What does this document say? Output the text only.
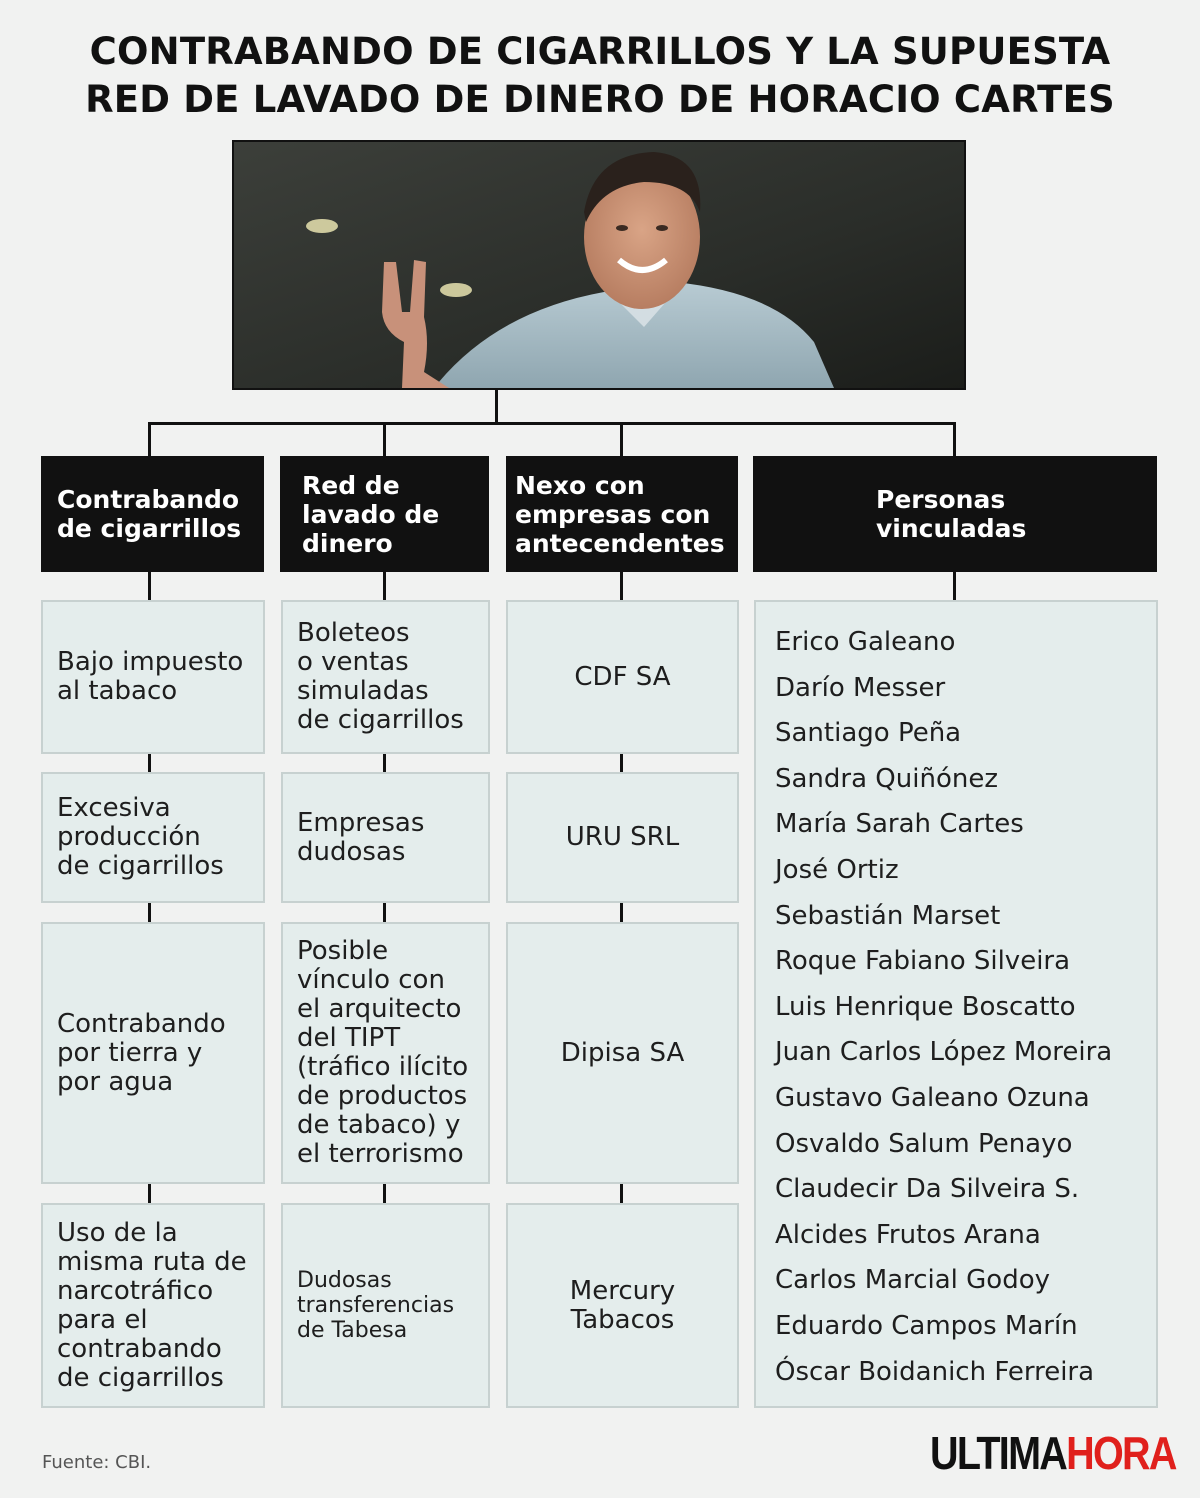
CONTRABANDO DE CIGARRILLOS Y LA SUPUESTA
RED DE LAVADO DE DINERO DE HORACIO CARTES
Contrabando
de cigarrillos
Red de
lavado de
dinero
Nexo con
empresas con
antecendentes
Personas
vinculadas
Bajo impuesto
al tabaco
Excesiva
producción
de cigarrillos
Contrabando
por tierra y
por agua
Uso de la
misma ruta de
narcotráfico
para el
contrabando
de cigarrillos
Boleteos
o ventas
simuladas
de cigarrillos
Empresas
dudosas
Posible
vínculo con
el arquitecto
del TIPT
(tráfico ilícito
de productos
de tabaco) y
el terrorismo
Dudosas
transferencias
de Tabesa
CDF SA
URU SRL
Dipisa SA
Mercury
Tabacos
Erico Galeano
Darío Messer
Santiago Peña
Sandra Quiñónez
María Sarah Cartes
José Ortiz
Sebastián Marset
Roque Fabiano Silveira
Luis Henrique Boscatto
Juan Carlos López Moreira
Gustavo Galeano Ozuna
Osvaldo Salum Penayo
Claudecir Da Silveira S.
Alcides Frutos Arana
Carlos Marcial Godoy
Eduardo Campos Marín
Óscar Boidanich Ferreira
Fuente: CBI.	ULTIMAHORA
